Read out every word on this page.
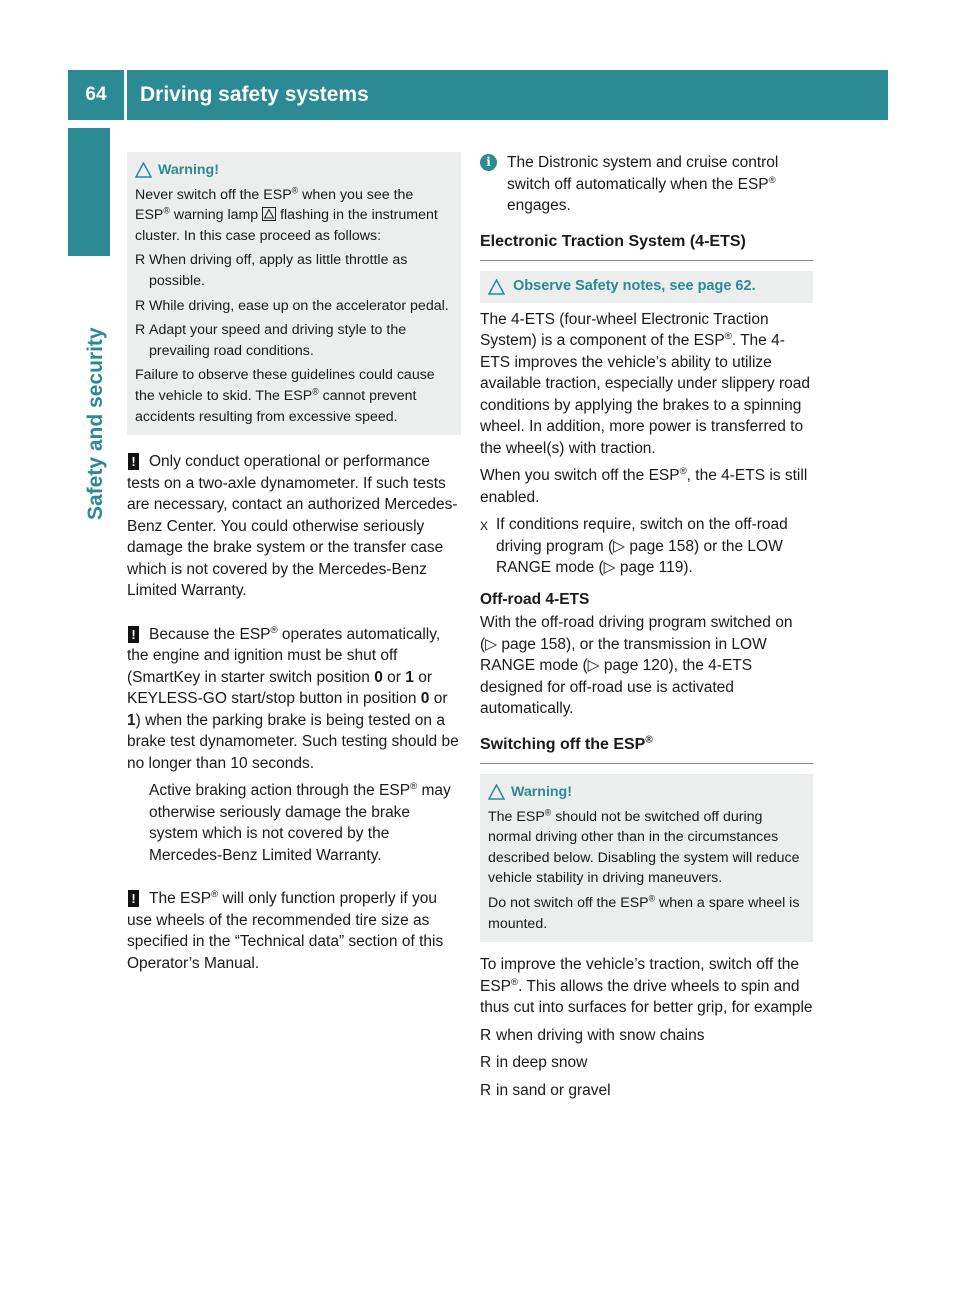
64	Driving safety systems
Safety and security
Warning!

Never switch off the ESP® when you see the ESP® warning lamp  flashing in the instrument cluster. In this case proceed as follows:

R When driving off, apply as little throttle as possible.
R While driving, ease up on the accelerator pedal.
R Adapt your speed and driving style to the prevailing road conditions.

Failure to observe these guidelines could cause the vehicle to skid. The ESP® cannot prevent accidents resulting from excessive speed.

! Only conduct operational or performance tests on a two-axle dynamometer. If such tests are necessary, contact an authorized Mercedes-Benz Center. You could otherwise seriously damage the brake system or the transfer case which is not covered by the Mercedes-Benz Limited Warranty.

! Because the ESP® operates automatically, the engine and ignition must be shut off (SmartKey in starter switch position 0 or 1 or KEYLESS-GO start/stop button in position 0 or 1) when the parking brake is being tested on a brake test dynamometer. Such testing should be no longer than 10 seconds.

Active braking action through the ESP® may otherwise seriously damage the brake system which is not covered by the Mercedes-Benz Limited Warranty.

! The ESP® will only function properly if you use wheels of the recommended tire size as specified in the “Technical data” section of this Operator’s Manual.

i	The Distronic system and cruise control switch off automatically when the ESP® engages.
Electronic Traction System (4-ETS)
Observe Safety notes, see page 62.

The 4-ETS (four-wheel Electronic Traction System) is a component of the ESP®. The 4-ETS improves the vehicle’s ability to utilize available traction, especially under slippery road conditions by applying the brakes to a spinning wheel. In addition, more power is transferred to the wheel(s) with traction.

When you switch off the ESP®, the 4-ETS is still enabled.

X If conditions require, switch on the off-road driving program (▷ page 158) or the LOW RANGE mode (▷ page 119).
Off-road 4-ETS

With the off-road driving program switched on (▷ page 158), or the transmission in LOW RANGE mode (▷ page 120), the 4-ETS designed for off-road use is activated automatically.

Switching off the ESP®
Warning!

The ESP® should not be switched off during normal driving other than in the circumstances described below. Disabling the system will reduce vehicle stability in driving maneuvers.

Do not switch off the ESP® when a spare wheel is mounted.

To improve the vehicle’s traction, switch off the ESP®. This allows the drive wheels to spin and thus cut into surfaces for better grip, for example

R when driving with snow chains
R in deep snow
R in sand or gravel
